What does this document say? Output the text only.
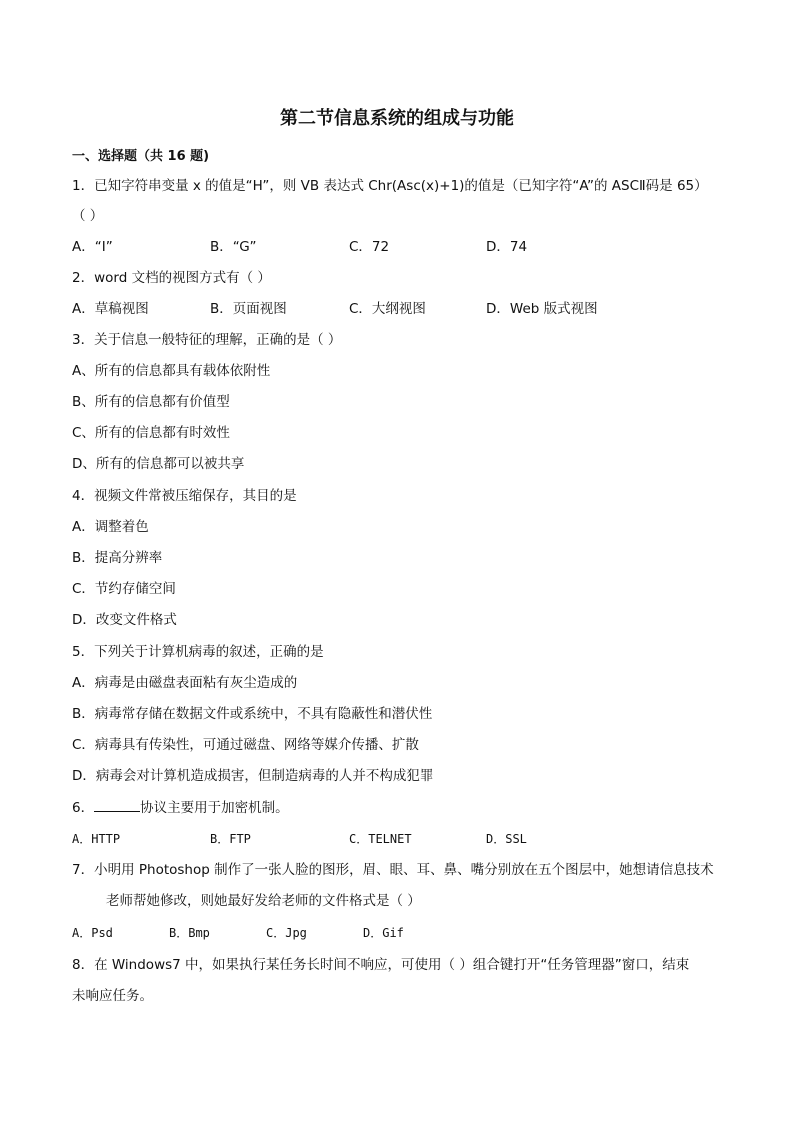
第二节信息系统的组成与功能
一、选择题（共 16 题)
1．已知字符串变量 x 的值是“H”，则 VB 表达式 Chr(Asc(x)+1)的值是（已知字符“A”的 ASCⅡ码是 65）
（ ）
A．“I”	B．“G”	C．72	D．74
2．word 文档的视图方式有（ ）
A．草稿视图	B．页面视图	C．大纲视图	D．Web 版式视图
3．关于信息一般特征的理解，正确的是（ ）
A、所有的信息都具有载体依附性
B、所有的信息都有价值型
C、所有的信息都有时效性
D、所有的信息都可以被共享
4．视频文件常被压缩保存，其目的是
A．调整着色
B．提高分辨率
C．节约存储空间
D．改变文件格式
5．下列关于计算机病毒的叙述，正确的是
A．病毒是由磁盘表面粘有灰尘造成的
B．病毒常存储在数据文件或系统中，不具有隐蔽性和潜伏性
C．病毒具有传染性，可通过磁盘、网络等媒介传播、扩散
D．病毒会对计算机造成损害，但制造病毒的人并不构成犯罪
6．	协议主要用于加密机制。
A．HTTP	B．FTP	C．TELNET	D．SSL
7．小明用 Photoshop 制作了一张人脸的图形，眉、眼、耳、鼻、嘴分别放在五个图层中，她想请信息技术
老师帮她修改，则她最好发给老师的文件格式是（ ）
A．Psd	B．Bmp	C．Jpg	D．Gif
8．在 Windows7 中，如果执行某任务长时间不响应，可使用（ ）组合键打开“任务管理器”窗口，结束
未响应任务。
